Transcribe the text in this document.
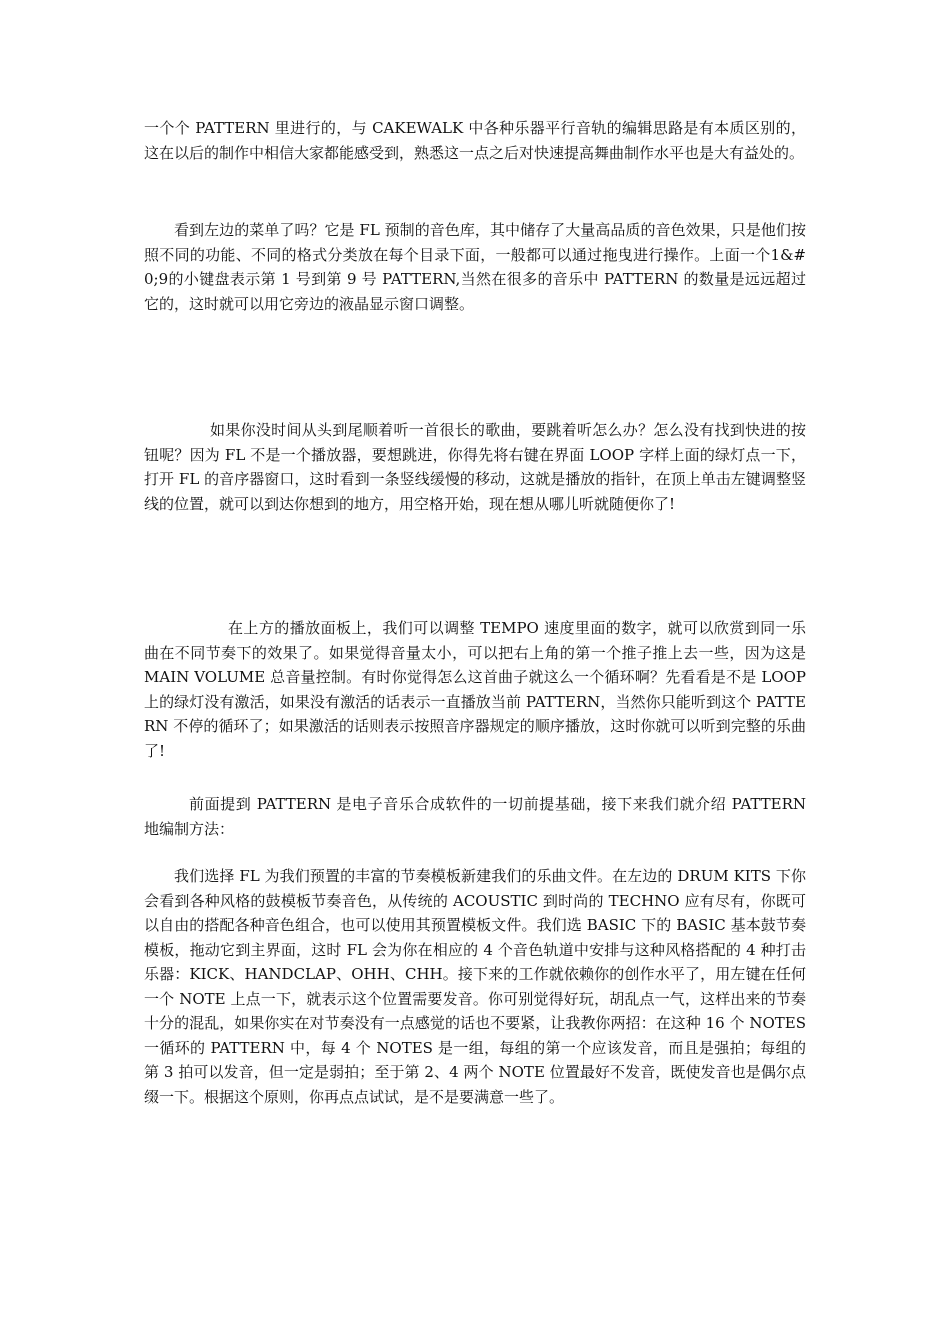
一个个 PATTERN 里进行的，与 CAKEWALK 中各种乐器平行音轨的编辑思路是有本质区别的，这在以后的制作中相信大家都能感受到，熟悉这一点之后对快速提高舞曲制作水平也是大有益处的。

看到左边的菜单了吗？它是 FL 预制的音色库，其中储存了大量高品质的音色效果，只是他们按照不同的功能、不同的格式分类放在每个目录下面，一般都可以通过拖曳进行操作。上面一个1&#0;9的小键盘表示第 1 号到第 9 号 PATTERN,当然在很多的音乐中 PATTERN 的数量是远远超过它的，这时就可以用它旁边的液晶显示窗口调整。

如果你没时间从头到尾顺着听一首很长的歌曲，要跳着听怎么办？怎么没有找到快进的按钮呢？因为 FL 不是一个播放器，要想跳进，你得先将右键在界面 LOOP 字样上面的绿灯点一下，打开 FL 的音序器窗口，这时看到一条竖线缓慢的移动，这就是播放的指针，在顶上单击左键调整竖线的位置，就可以到达你想到的地方，用空格开始，现在想从哪儿听就随便你了!

在上方的播放面板上，我们可以调整 TEMPO 速度里面的数字，就可以欣赏到同一乐曲在不同节奏下的效果了。如果觉得音量太小，可以把右上角的第一个推子推上去一些，因为这是 MAIN VOLUME 总音量控制。有时你觉得怎么这首曲子就这么一个循环啊？先看看是不是 LOOP 上的绿灯没有激活，如果没有激活的话表示一直播放当前 PATTERN，当然你只能听到这个 PATTERN 不停的循环了；如果激活的话则表示按照音序器规定的顺序播放，这时你就可以听到完整的乐曲了!

前面提到 PATTERN 是电子音乐合成软件的一切前提基础，接下来我们就介绍 PATTERN 地编制方法：

我们选择 FL 为我们预置的丰富的节奏模板新建我们的乐曲文件。在左边的 DRUM KITS 下你会看到各种风格的鼓模板节奏音色，从传统的 ACOUSTIC 到时尚的 TECHNO 应有尽有，你既可以自由的搭配各种音色组合，也可以使用其预置模板文件。我们选 BASIC 下的 BASIC 基本鼓节奏模板，拖动它到主界面，这时 FL 会为你在相应的 4 个音色轨道中安排与这种风格搭配的 4 种打击乐器：KICK、HANDCLAP、OHH、CHH。接下来的工作就依赖你的创作水平了，用左键在任何一个 NOTE 上点一下，就表示这个位置需要发音。你可别觉得好玩，胡乱点一气，这样出来的节奏十分的混乱，如果你实在对节奏没有一点感觉的话也不要紧，让我教你两招：在这种 16 个 NOTES 一循环的 PATTERN 中，每 4 个 NOTES 是一组，每组的第一个应该发音，而且是强拍；每组的第 3 拍可以发音，但一定是弱拍；至于第 2、4 两个 NOTE 位置最好不发音，既使发音也是偶尔点缀一下。根据这个原则，你再点点试试，是不是要满意一些了。
